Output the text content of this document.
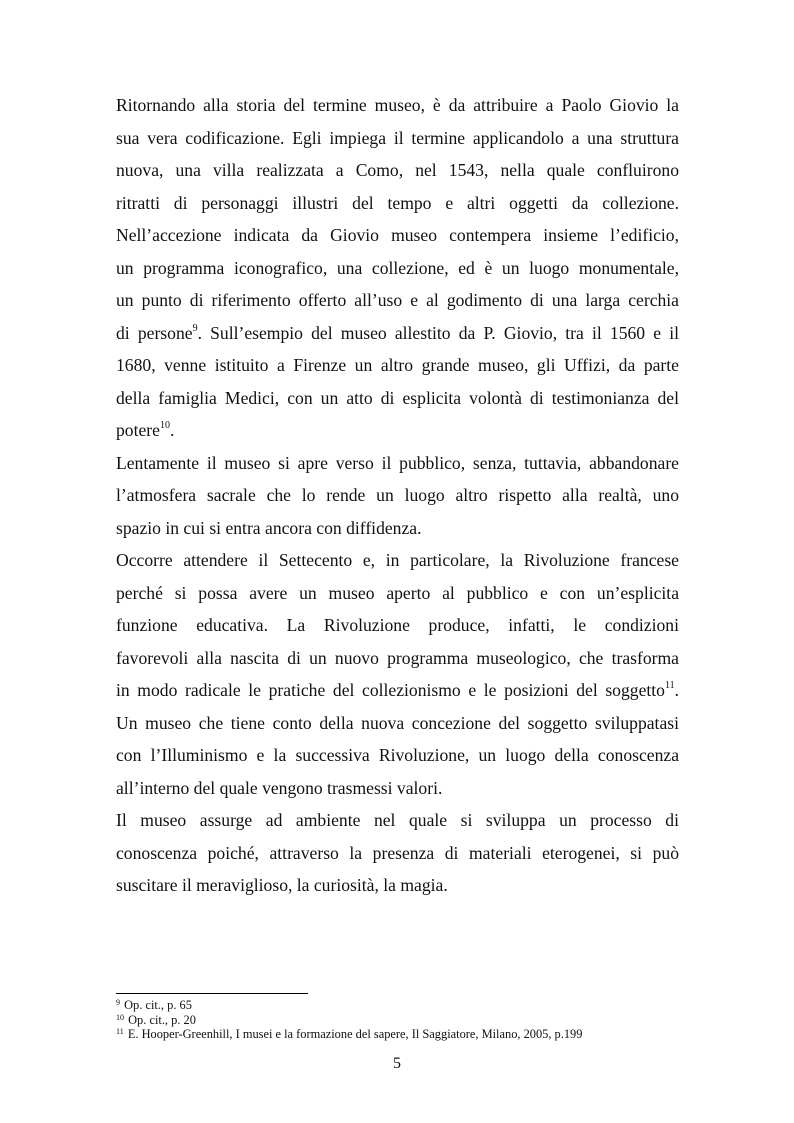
Ritornando alla storia del termine museo, è da attribuire a Paolo Giovio la
sua vera codificazione. Egli impiega il termine applicandolo a una struttura
nuova, una villa realizzata a Como, nel 1543, nella quale confluirono
ritratti di personaggi illustri del tempo e altri oggetti da collezione.
Nell’accezione indicata da Giovio museo contempera insieme l’edificio,
un programma iconografico, una collezione, ed è un luogo monumentale,
un punto di riferimento offerto all’uso e al godimento di una larga cerchia
di persone$^9$. Sull’esempio del museo allestito da P. Giovio, tra il 1560 e il
1680, venne istituito a Firenze un altro grande museo, gli Uffizi, da parte
della famiglia Medici, con un atto di esplicita volontà di testimonianza del
potere$^{10}$.
Lentamente il museo si apre verso il pubblico, senza, tuttavia, abbandonare
l’atmosfera sacrale che lo rende un luogo altro rispetto alla realtà, uno
spazio in cui si entra ancora con diffidenza.
Occorre attendere il Settecento e, in particolare, la Rivoluzione francese
perché si possa avere un museo aperto al pubblico e con un’esplicita
funzione educativa. La Rivoluzione produce, infatti, le condizioni
favorevoli alla nascita di un nuovo programma museologico, che trasforma
in modo radicale le pratiche del collezionismo e le posizioni del soggetto$^{11}$.
Un museo che tiene conto della nuova concezione del soggetto sviluppatasi
con l’Illuminismo e la successiva Rivoluzione, un luogo della conoscenza
all’interno del quale vengono trasmessi valori.
Il museo assurge ad ambiente nel quale si sviluppa un processo di
conoscenza poiché, attraverso la presenza di materiali eterogenei, si può
suscitare il meraviglioso, la curiosità, la magia.
$^9$ Op. cit., p. 65
$^{10}$ Op. cit., p. 20
$^{11}$ E. Hooper-Greenhill, I musei e la formazione del sapere, Il Saggiatore, Milano, 2005, p.199
5
